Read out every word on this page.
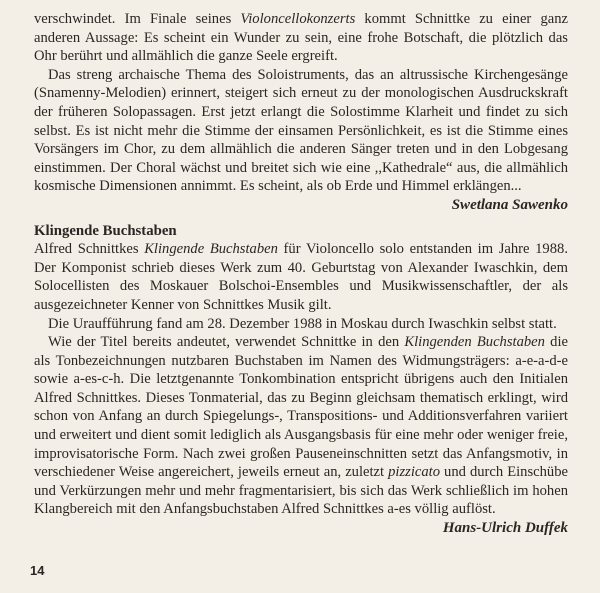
verschwindet. Im Finale seines Violoncellokonzerts kommt Schnittke zu einer ganz anderen Aussage: Es scheint ein Wunder zu sein, eine frohe Botschaft, die plötzlich das Ohr berührt und allmählich die ganze Seele ergreift.

Das streng archaische Thema des Soloistruments, das an altrussische Kirchengesänge (Snamenny-Melodien) erinnert, steigert sich erneut zu der monologischen Ausdruckskraft der früheren Solopassagen. Erst jetzt erlangt die Solostimme Klarheit und findet zu sich selbst. Es ist nicht mehr die Stimme der einsamen Persönlichkeit, es ist die Stimme eines Vorsängers im Chor, zu dem allmählich die anderen Sänger treten und in den Lobgesang einstimmen. Der Choral wächst und breitet sich wie eine ,,Kathedrale“ aus, die allmählich kosmische Dimensionen annimmt. Es scheint, als ob Erde und Himmel erklängen...

Swetlana Sawenko
Klingende Buchstaben

Alfred Schnittkes Klingende Buchstaben für Violoncello solo entstanden im Jahre 1988. Der Komponist schrieb dieses Werk zum 40. Geburtstag von Alexander Iwaschkin, dem Solocellisten des Moskauer Bolschoi-Ensembles und Musikwissenschaftler, der als ausgezeichneter Kenner von Schnittkes Musik gilt.

Die Uraufführung fand am 28. Dezember 1988 in Moskau durch Iwaschkin selbst statt.

Wie der Titel bereits andeutet, verwendet Schnittke in den Klingenden Buchstaben die als Tonbezeichnungen nutzbaren Buchstaben im Namen des Widmungsträgers: a-e-a-d-e sowie a-es-c-h. Die letztgenannte Tonkombination entspricht übrigens auch den Initialen Alfred Schnittkes. Dieses Tonmaterial, das zu Beginn gleichsam thematisch erklingt, wird schon von Anfang an durch Spiegelungs-, Transpositions- und Additionsverfahren variiert und erweitert und dient somit lediglich als Ausgangsbasis für eine mehr oder weniger freie, improvisatorische Form. Nach zwei großen Pauseneinschnitten setzt das Anfangsmotiv, in verschiedener Weise angereichert, jeweils erneut an, zuletzt pizzicato und durch Einschübe und Verkürzungen mehr und mehr fragmentarisiert, bis sich das Werk schließlich im hohen Klangbereich mit den Anfangsbuchstaben Alfred Schnittkes a-es völlig auflöst.

Hans-Ulrich Duffek
14
